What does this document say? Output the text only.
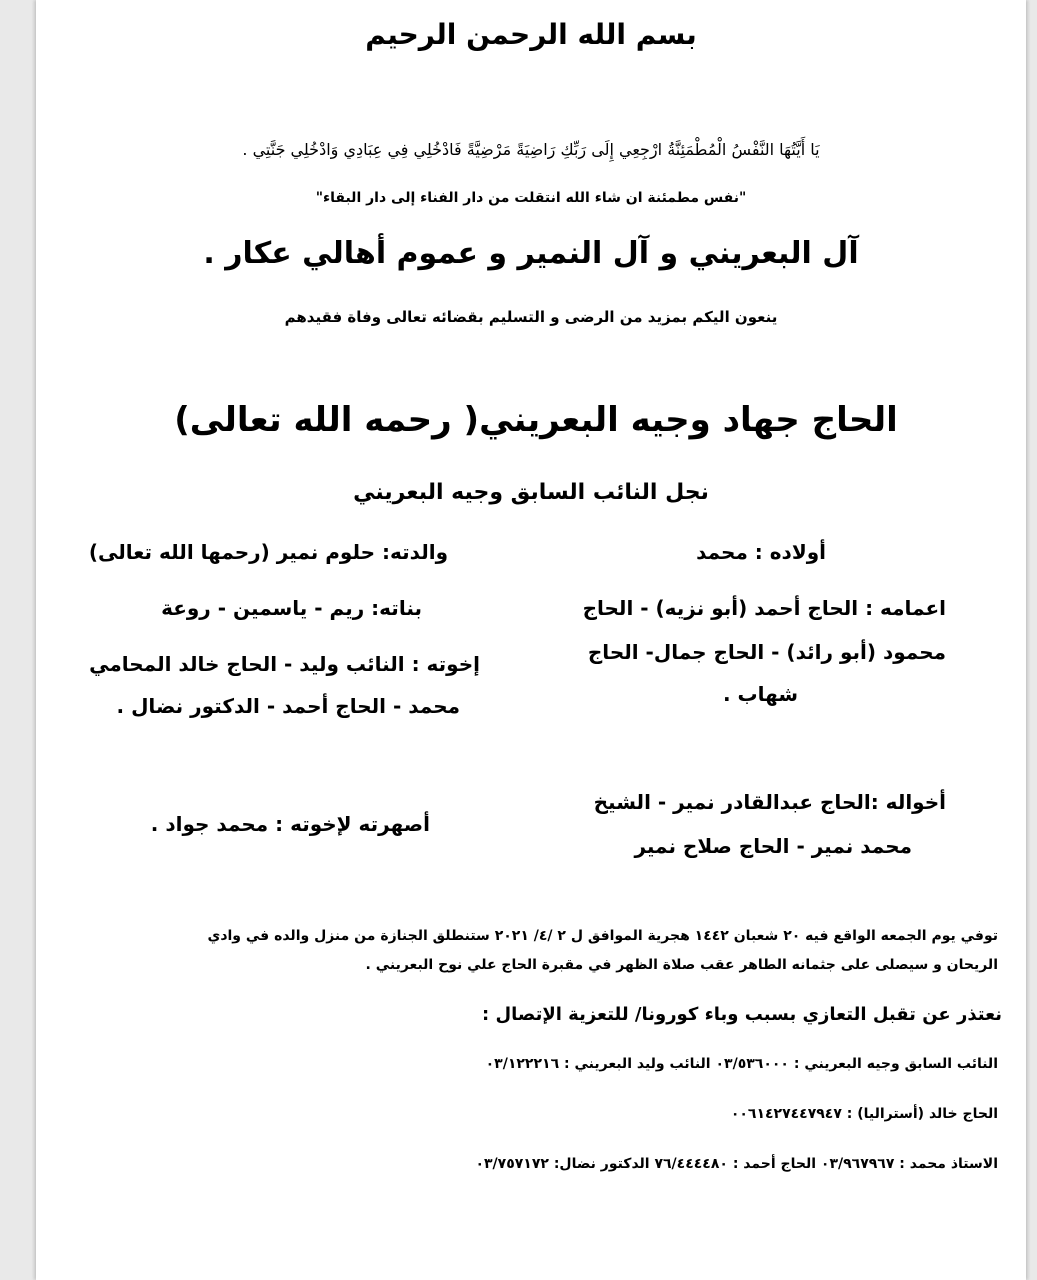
بسم الله الرحمن الرحيم
يَا أَيَّتُهَا النَّفْسُ الْمُطْمَئِنَّةُ ارْجِعِي إِلَى رَبِّكِ رَاضِيَةً مَرْضِيَّةً فَادْخُلِي فِي عِبَادِي وَادْخُلِي جَنَّتِي .
"نفس مطمئنة ان شاء الله انتقلت من دار الفناء إلى دار البقاء"
آل البعريني و آل النمير و عموم أهالي عكار .
ينعون اليكم بمزيد من الرضى و التسليم بقضائه تعالى وفاة فقيدهم
الحاج جهاد وجيه البعريني( رحمه الله تعالى)
نجل النائب السابق وجيه البعريني
أولاده : محمد
اعمامه : الحاج أحمد (أبو نزيه) - الحاج
محمود (أبو رائد) - الحاج جمال- الحاج
شهاب .
أخواله :الحاج عبدالقادر نمير - الشيخ
محمد نمير - الحاج صلاح نمير
والدته: حلوم نمير (رحمها الله تعالى)
بناته: ريم - ياسمين - روعة
إخوته : النائب وليد - الحاج خالد المحامي
محمد - الحاج أحمد - الدكتور نضال .
أصهرته لإخوته : محمد جواد .
توفي يوم الجمعه الواقع فيه ٢٠ شعبان ١٤٤٢ هجرية الموافق ل ٢ /٤/ ٢٠٢١ ستنطلق الجنازة من منزل والده في وادي
الريحان و سيصلى على جثمانه الطاهر عقب صلاة الظهر في مقبرة الحاج علي نوح البعريني .
نعتذر عن تقبل التعازي بسبب وباء كورونا/ للتعزية الإتصال :
النائب السابق وجيه البعريني : ٠٣/٥٣٦٠٠٠ النائب وليد البعريني : ٠٣/١٢٢٢١٦
الحاج خالد (أستراليا) : ٠٠٦١٤٢٧٤٤٧٩٤٧
الاستاذ محمد : ٠٣/٩٦٧٩٦٧ الحاج أحمد : ٧٦/٤٤٤٤٨٠ الدكتور نضال: ٠٣/٧٥٧١٧٢
